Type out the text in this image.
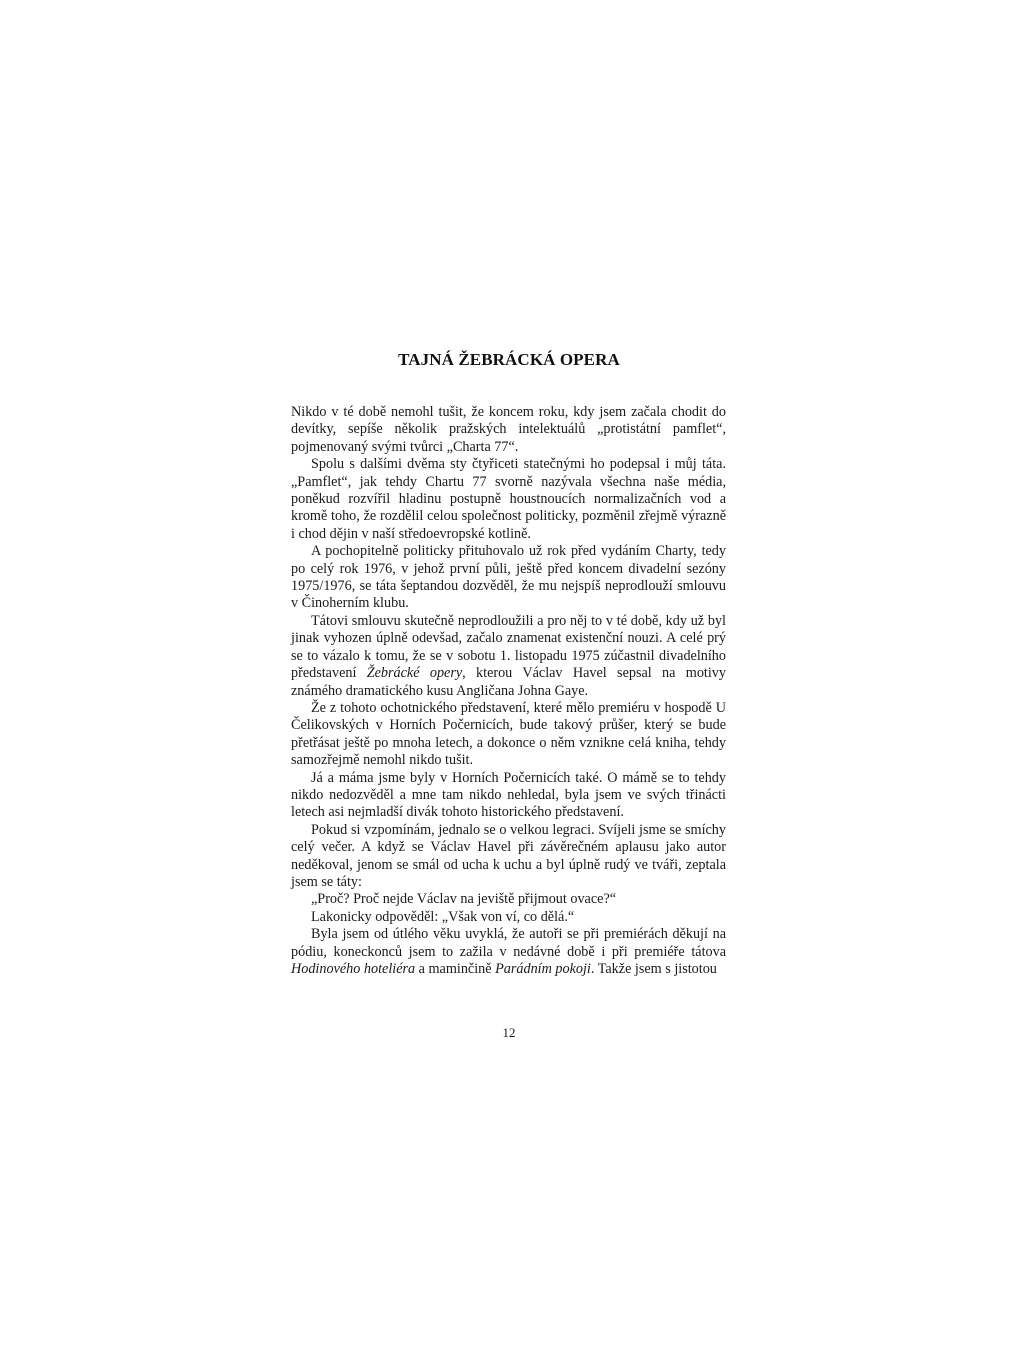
TAJNÁ ŽEBRÁCKÁ OPERA

Nikdo v té době nemohl tušit, že koncem roku, kdy jsem začala chodit do devítky, sepíše několik pražských intelektuálů „protistátní pamflet“, pojmenovaný svými tvůrci „Charta 77“.

Spolu s dalšími dvěma sty čtyřiceti statečnými ho podepsal i můj táta. „Pamflet“, jak tehdy Chartu 77 svorně nazývala všechna naše média, poněkud rozvířil hladinu postupně houstnoucích normalizačních vod a kromě toho, že rozdělil celou společnost politicky, pozměnil zřejmě výrazně i chod dějin v naší středoevropské kotlině.

A pochopitelně politicky přituhovalo už rok před vydáním Charty, tedy po celý rok 1976, v jehož první půli, ještě před koncem divadelní sezóny 1975/1976, se táta šeptandou dozvěděl, že mu nejspíš neprodlouží smlouvu v Činoherním klubu.

Tátovi smlouvu skutečně neprodloužili a pro něj to v té době, kdy už byl jinak vyhozen úplně odevšad, začalo znamenat existenční nouzi. A celé prý se to vázalo k tomu, že se v sobotu 1. listopadu 1975 zúčastnil divadelního představení Žebrácké opery, kterou Václav Havel sepsal na motivy známého dramatického kusu Angličana Johna Gaye.

Že z tohoto ochotnického představení, které mělo premiéru v hospodě U Čelikovských v Horních Počernicích, bude takový průšer, který se bude přetřásat ještě po mnoha letech, a dokonce o něm vznikne celá kniha, tehdy samozřejmě nemohl nikdo tušit.

Já a máma jsme byly v Horních Počernicích také. O mámě se to tehdy nikdo nedozvěděl a mne tam nikdo nehledal, byla jsem ve svých třinácti letech asi nejmladší divák tohoto historického představení.

Pokud si vzpomínám, jednalo se o velkou legraci. Svíjeli jsme se smíchy celý večer. A když se Václav Havel při závěrečném aplausu jako autor neděkoval, jenom se smál od ucha k uchu a byl úplně rudý ve tváři, zeptala jsem se táty:

„Proč? Proč nejde Václav na jeviště přijmout ovace?“

Lakonicky odpověděl: „Však von ví, co dělá.“

Byla jsem od útlého věku uvyklá, že autoři se při premiérách děkují na pódiu, koneckonců jsem to zažila v nedávné době i při premiéře tátova Hodinového hoteliéra a maminčině Parádním pokoji. Takže jsem s jistotou

12
